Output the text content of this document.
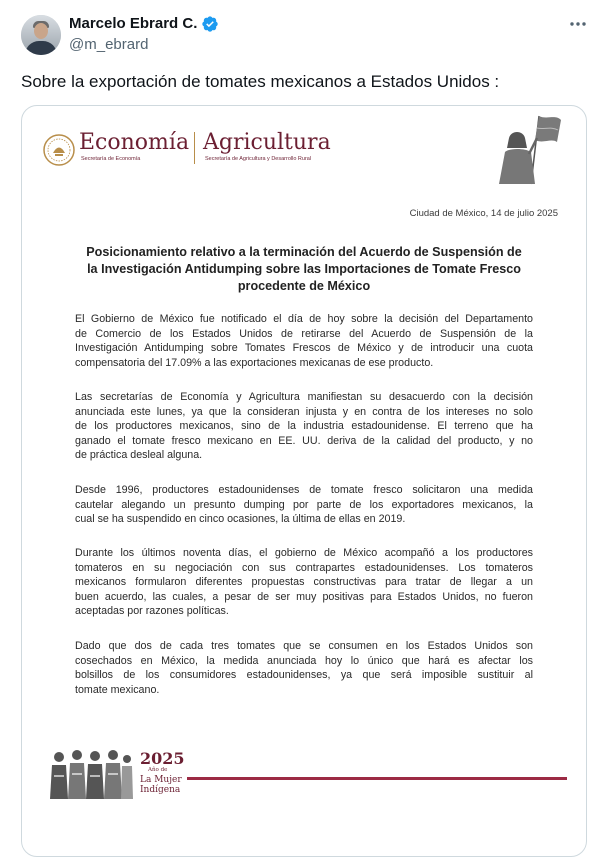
Marcelo Ebrard C.
@m_ebrard
Sobre la exportación de tomates mexicanos a Estados Unidos :
Economía
Secretaría de Economía
Agricultura
Secretaría de Agricultura y Desarrollo Rural
Ciudad de México, 14 de julio 2025
Posicionamiento relativo a la terminación del Acuerdo de Suspensión de
la Investigación Antidumping sobre las Importaciones de Tomate Fresco
procedente de México
El Gobierno de México fue notificado el día de hoy sobre la decisión del Departamento
de Comercio de los Estados Unidos de retirarse del Acuerdo de Suspensión de la
Investigación Antidumping sobre Tomates Frescos de México y de introducir una cuota
compensatoria del 17.09% a las exportaciones mexicanas de ese producto.
Las secretarías de Economía y Agricultura manifiestan su desacuerdo con la decisión
anunciada este lunes, ya que la consideran injusta y en contra de los intereses no solo
de los productores mexicanos, sino de la industria estadounidense. El terreno que ha
ganado el tomate fresco mexicano en EE. UU. deriva de la calidad del producto, y no
de práctica desleal alguna.
Desde 1996, productores estadounidenses de tomate fresco solicitaron una medida
cautelar alegando un presunto dumping por parte de los exportadores mexicanos, la
cual se ha suspendido en cinco ocasiones, la última de ellas en 2019.
Durante los últimos noventa días, el gobierno de México acompañó a los productores
tomateros en su negociación con sus contrapartes estadounidenses. Los tomateros
mexicanos formularon diferentes propuestas constructivas para tratar de llegar a un
buen acuerdo, las cuales, a pesar de ser muy positivas para Estados Unidos, no fueron
aceptadas por razones políticas.
Dado que dos de cada tres tomates que se consumen en los Estados Unidos son
cosechados en México, la medida anunciada hoy lo único que hará es afectar los
bolsillos de los consumidores estadounidenses, ya que será imposible sustituir al
tomate mexicano.
2025
Año de
La Mujer
Indígena
